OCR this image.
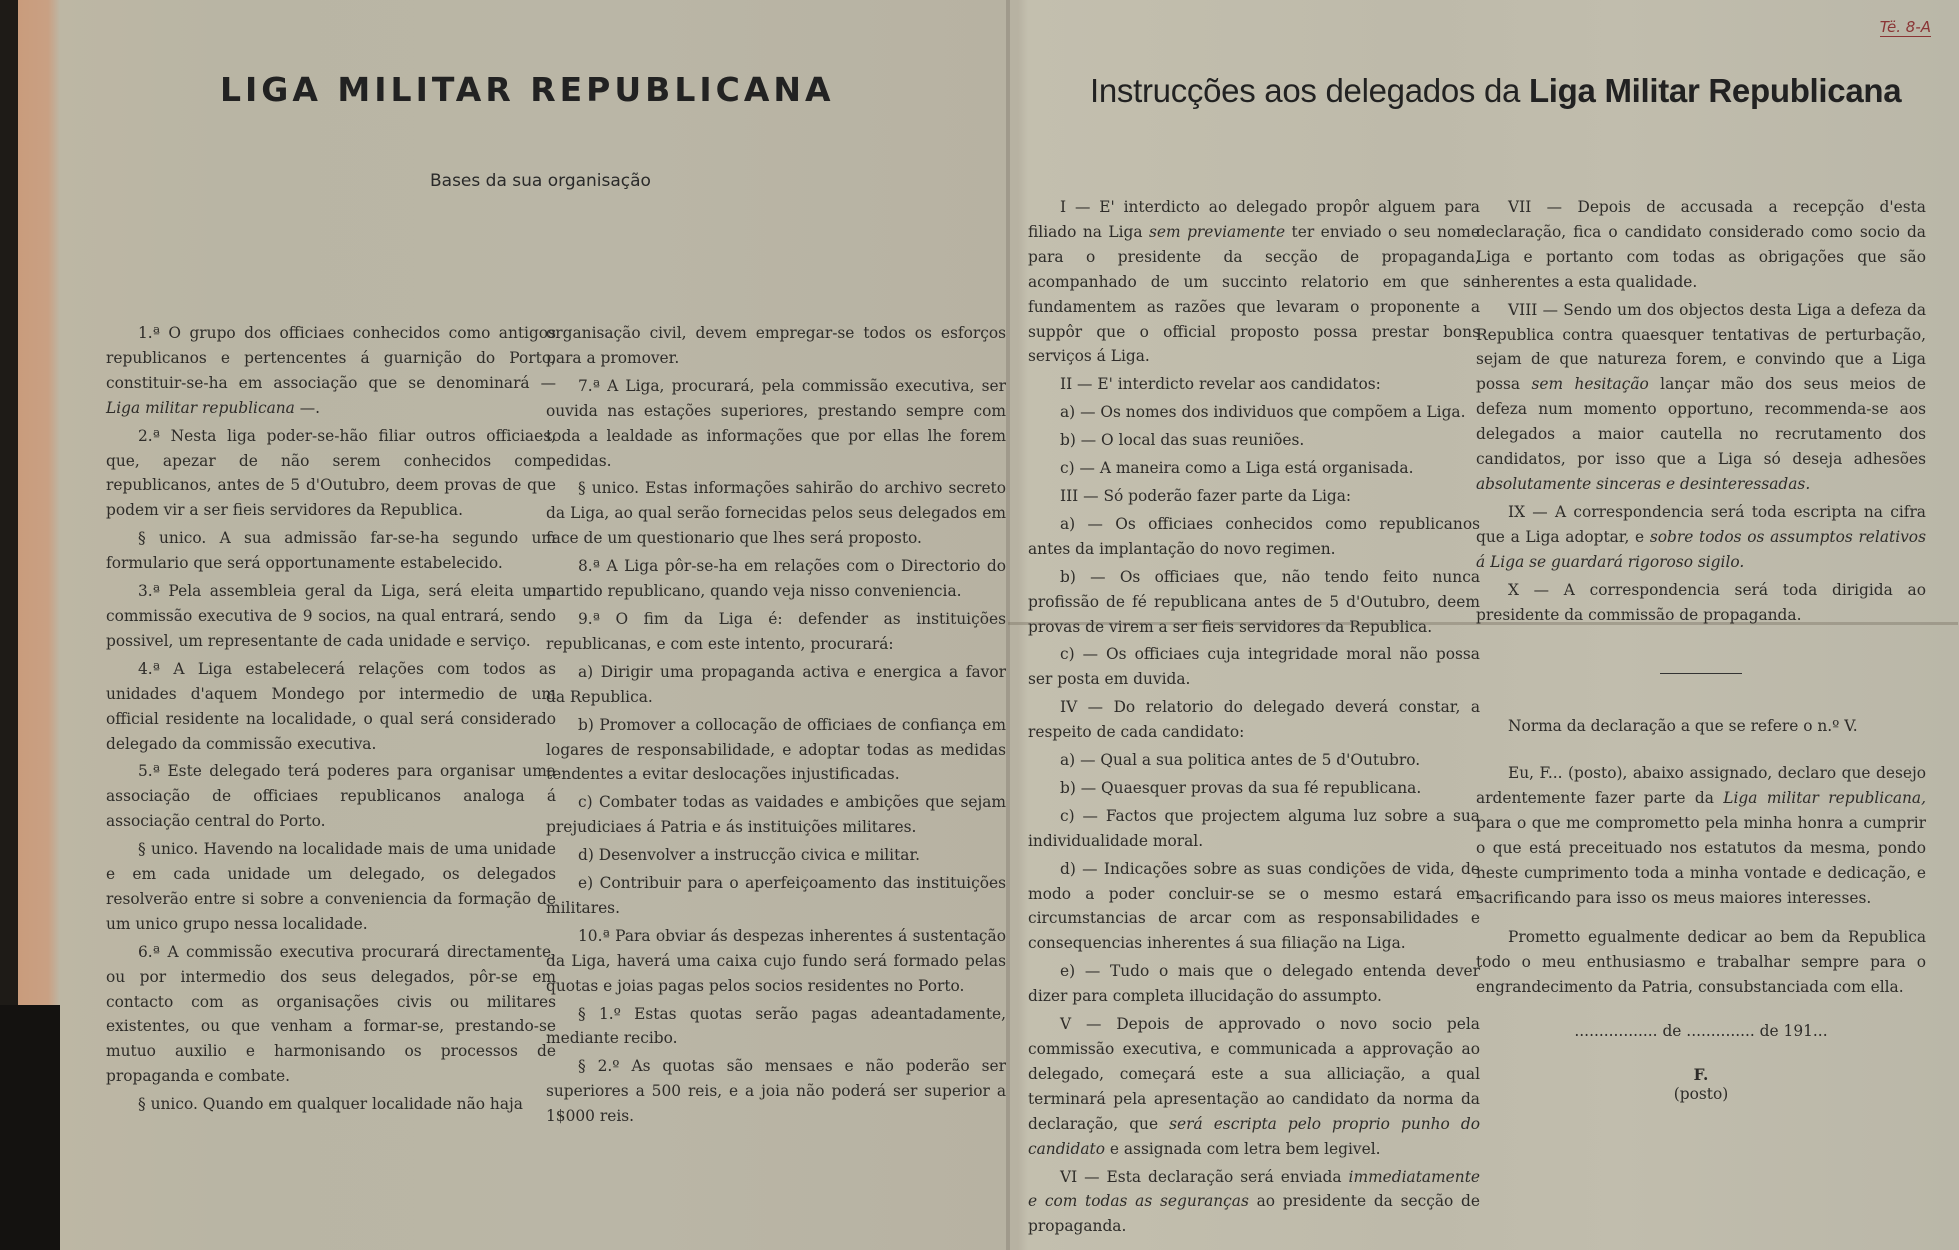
Të. 8-A
LIGA MILITAR REPUBLICANA
Bases da sua organisação
Instrucções aos delegados da Liga Militar Republicana

1.ª O grupo dos officiaes conhecidos como antigos republicanos e pertencentes á guarnição do Porto, constituir-se-ha em associação que se denominará — Liga militar republicana —.

2.ª Nesta liga poder-se-hão filiar outros officiaes, que, apezar de não serem conhecidos como republicanos, antes de 5 d'Outubro, deem provas de que podem vir a ser fieis servidores da Republica.

§ unico. A sua admissão far-se-ha segundo um formulario que será opportunamente estabelecido.

3.ª Pela assembleia geral da Liga, será eleita uma commissão executiva de 9 socios, na qual entrará, sendo possivel, um representante de cada unidade e serviço.

4.ª A Liga estabelecerá relações com todos as unidades d'aquem Mondego por intermedio de um official residente na localidade, o qual será considerado delegado da commissão executiva.

5.ª Este delegado terá poderes para organisar uma associação de officiaes republicanos analoga á associação central do Porto.

§ unico. Havendo na localidade mais de uma unidade e em cada unidade um delegado, os delegados resolverão entre si sobre a conveniencia da formação de um unico grupo nessa localidade.

6.ª A commissão executiva procurará directamente, ou por intermedio dos seus delegados, pôr-se em contacto com as organisações civis ou militares existentes, ou que venham a formar-se, prestando-se mutuo auxilio e harmonisando os processos de propaganda e combate.

§ unico. Quando em qualquer localidade não haja

organisação civil, devem empregar-se todos os esforços para a promover.

7.ª A Liga, procurará, pela commissão executiva, ser ouvida nas estações superiores, prestando sempre com toda a lealdade as informações que por ellas lhe forem pedidas.

§ unico. Estas informações sahirão do archivo secreto da Liga, ao qual serão fornecidas pelos seus delegados em face de um questionario que lhes será proposto.

8.ª A Liga pôr-se-ha em relações com o Directorio do partido republicano, quando veja nisso conveniencia.

9.ª O fim da Liga é: defender as instituições republicanas, e com este intento, procurará:

a) Dirigir uma propaganda activa e energica a favor da Republica.

b) Promover a collocação de officiaes de confiança em logares de responsabilidade, e adoptar todas as medidas tendentes a evitar deslocações injustificadas.

c) Combater todas as vaidades e ambições que sejam prejudiciaes á Patria e ás instituições militares.

d) Desenvolver a instrucção civica e militar.

e) Contribuir para o aperfeiçoamento das instituições militares.

10.ª Para obviar ás despezas inherentes á sustentação da Liga, haverá uma caixa cujo fundo será formado pelas quotas e joias pagas pelos socios residentes no Porto.

§ 1.º Estas quotas serão pagas adeantadamente, mediante recibo.

§ 2.º As quotas são mensaes e não poderão ser superiores a 500 reis, e a joia não poderá ser superior a 1$000 reis.

I — E' interdicto ao delegado propôr alguem para filiado na Liga sem previamente ter enviado o seu nome para o presidente da secção de propaganda, acompanhado de um succinto relatorio em que se fundamentem as razões que levaram o proponente a suppôr que o official proposto possa prestar bons serviços á Liga.

II — E' interdicto revelar aos candidatos:

a) — Os nomes dos individuos que compõem a Liga.

b) — O local das suas reuniões.

c) — A maneira como a Liga está organisada.

III — Só poderão fazer parte da Liga:

a) — Os officiaes conhecidos como republicanos antes da implantação do novo regimen.

b) — Os officiaes que, não tendo feito nunca profissão de fé republicana antes de 5 d'Outubro, deem provas de virem a ser fieis servidores da Republica.

c) — Os officiaes cuja integridade moral não possa ser posta em duvida.

IV — Do relatorio do delegado deverá constar, a respeito de cada candidato:

a) — Qual a sua politica antes de 5 d'Outubro.

b) — Quaesquer provas da sua fé republicana.

c) — Factos que projectem alguma luz sobre a sua individualidade moral.

d) — Indicações sobre as suas condições de vida, de modo a poder concluir-se se o mesmo estará em circumstancias de arcar com as responsabilidades e consequencias inherentes á sua filiação na Liga.

e) — Tudo o mais que o delegado entenda dever dizer para completa illucidação do assumpto.

V — Depois de approvado o novo socio pela commissão executiva, e communicada a approvação ao delegado, começará este a sua alliciação, a qual terminará pela apresentação ao candidato da norma da declaração, que será escripta pelo proprio punho do candidato e assignada com letra bem legivel.

VI — Esta declaração será enviada immediatamente e com todas as seguranças ao presidente da secção de propaganda.

VII — Depois de accusada a recepção d'esta declaração, fica o candidato considerado como socio da Liga e portanto com todas as obrigações que são inherentes a esta qualidade.

VIII — Sendo um dos objectos desta Liga a defeza da Republica contra quaesquer tentativas de perturbação, sejam de que natureza forem, e convindo que a Liga possa sem hesitação lançar mão dos seus meios de defeza num momento opportuno, recommenda-se aos delegados a maior cautella no recrutamento dos candidatos, por isso que a Liga só deseja adhesões absolutamente sinceras e desinteressadas.

IX — A correspondencia será toda escripta na cifra que a Liga adoptar, e sobre todos os assumptos relativos á Liga se guardará rigoroso sigilo.

X — A correspondencia será toda dirigida ao presidente da commissão de propaganda.

Norma da declaração a que se refere o n.º V.

Eu, F... (posto), abaixo assignado, declaro que desejo ardentemente fazer parte da Liga militar republicana, para o que me comprometto pela minha honra a cumprir o que está preceituado nos estatutos da mesma, pondo neste cumprimento toda a minha vontade e dedicação, e sacrificando para isso os meus maiores interesses.

Prometto egualmente dedicar ao bem da Republica todo o meu enthusiasmo e trabalhar sempre para o engrandecimento da Patria, consubstanciada com ella.

................. de .............. de 191...
F.
(posto)
